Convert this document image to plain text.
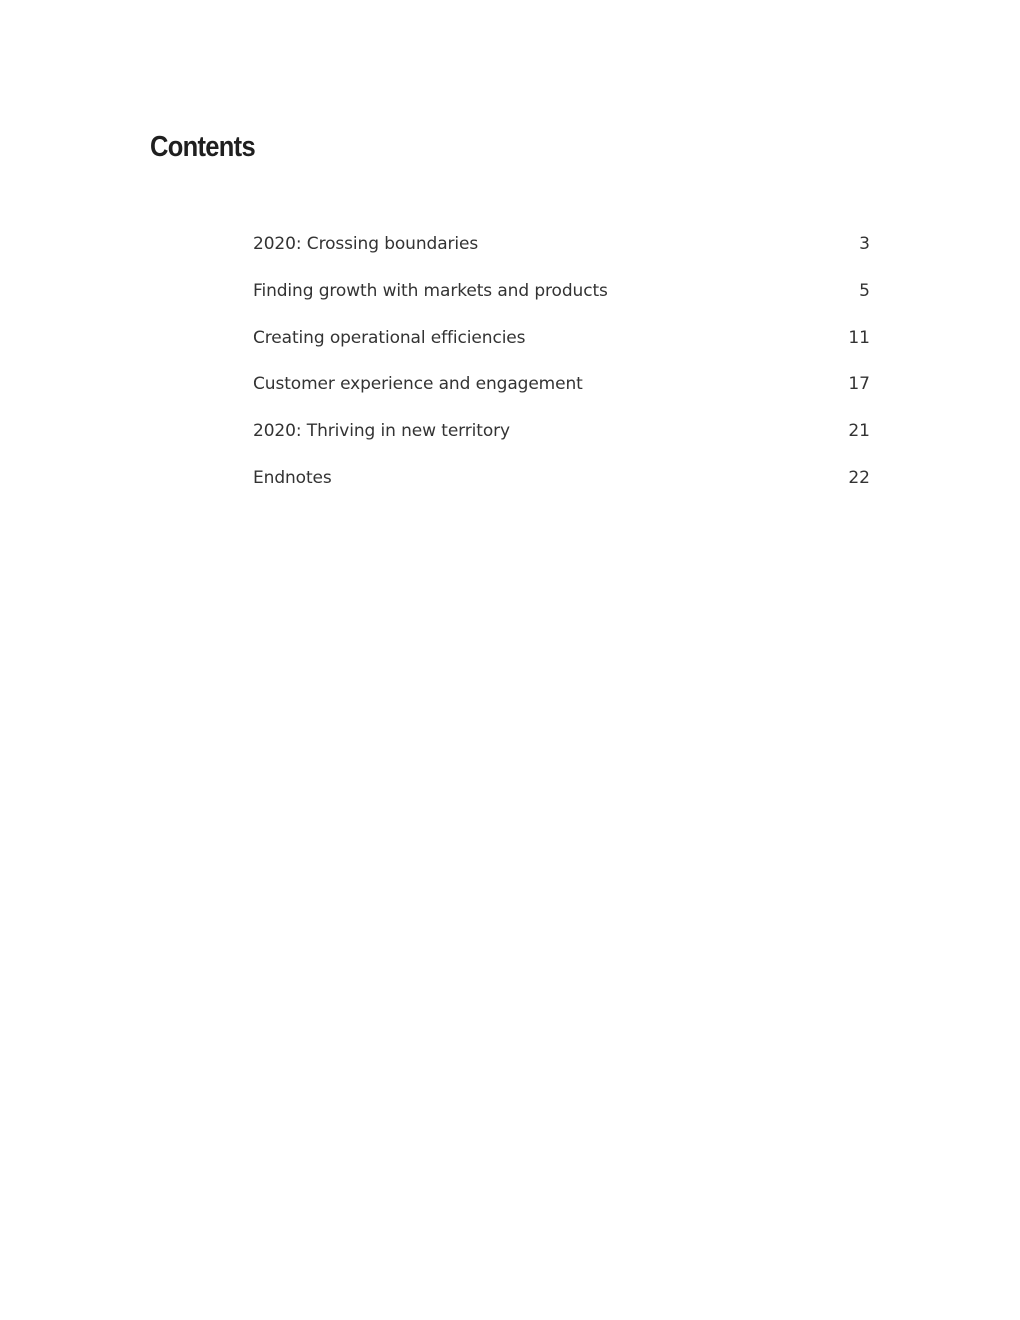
Contents
2020: Crossing boundaries	3
Finding growth with markets and products	5
Creating operational efficiencies	11
Customer experience and engagement	17
2020: Thriving in new territory	21
Endnotes	22
